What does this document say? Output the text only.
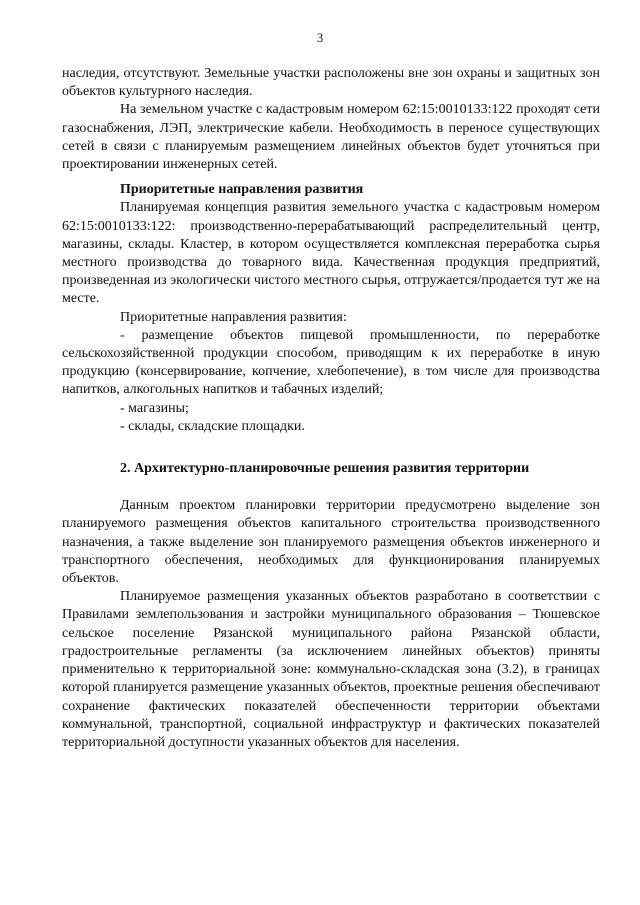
3

наследия, отсутствуют. Земельные участки расположены вне зон охраны и защитных зон объектов культурного наследия.

На земельном участке с кадастровым номером 62:15:0010133:122 проходят сети газоснабжения, ЛЭП, электрические кабели. Необходимость в переносе существующих сетей в связи с планируемым размещением линейных объектов будет уточняться при проектировании инженерных сетей.

Приоритетные направления развития

Планируемая концепция развития земельного участка с кадастровым номером 62:15:0010133:122: производственно-перерабатывающий распределительный центр, магазины, склады. Кластер, в котором осуществляется комплексная переработка сырья местного производства до товарного вида. Качественная продукция предприятий, произведенная из экологически чистого местного сырья, отгружается/продается тут же на месте.

Приоритетные направления развития:

- размещение объектов пищевой промышленности, по переработке сельскохозяйственной продукции способом, приводящим к их переработке в иную продукцию (консервирование, копчение, хлебопечение), в том числе для производства напитков, алкогольных напитков и табачных изделий;

- магазины;

- склады, складские площадки.

2. Архитектурно-планировочные решения развития территории

Данным проектом планировки территории предусмотрено выделение зон планируемого размещения объектов капитального строительства производственного назначения, а также выделение зон планируемого размещения объектов инженерного и транспортного обеспечения, необходимых для функционирования планируемых объектов.

Планируемое размещения указанных объектов разработано в соответствии с Правилами землепользования и застройки муниципального образования – Тюшевское сельское поселение Рязанской муниципального района Рязанской области, градостроительные регламенты (за исключением линейных объектов) приняты применительно к территориальной зоне: коммунально-складская зона (3.2), в границах которой планируется размещение указанных объектов, проектные решения обеспечивают сохранение фактических показателей обеспеченности территории объектами коммунальной, транспортной, социальной инфраструктур и фактических показателей территориальной доступности указанных объектов для населения.
